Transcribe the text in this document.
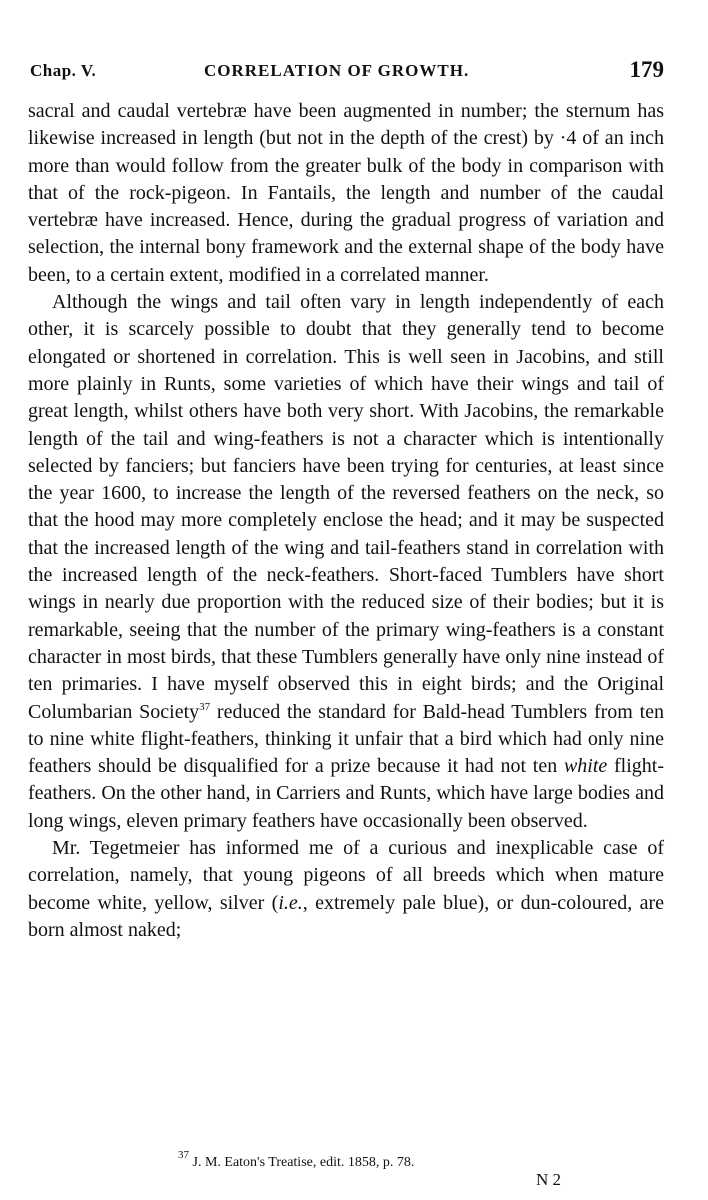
Chap. V.	CORRELATION OF GROWTH.	179

sacral and caudal vertebræ have been augmented in number; the sternum has likewise increased in length (but not in the depth of the crest) by ·4 of an inch more than would follow from the greater bulk of the body in comparison with that of the rock-pigeon. In Fantails, the length and number of the caudal vertebræ have increased. Hence, during the gradual progress of variation and selection, the internal bony framework and the external shape of the body have been, to a certain extent, modified in a correlated manner.

Although the wings and tail often vary in length independently of each other, it is scarcely possible to doubt that they generally tend to become elongated or shortened in correlation. This is well seen in Jacobins, and still more plainly in Runts, some varieties of which have their wings and tail of great length, whilst others have both very short. With Jacobins, the remarkable length of the tail and wing-feathers is not a character which is intentionally selected by fanciers; but fanciers have been trying for centuries, at least since the year 1600, to increase the length of the reversed feathers on the neck, so that the hood may more completely enclose the head; and it may be suspected that the increased length of the wing and tail-feathers stand in correlation with the increased length of the neck-feathers. Short-faced Tumblers have short wings in nearly due proportion with the reduced size of their bodies; but it is remarkable, seeing that the number of the primary wing-feathers is a constant character in most birds, that these Tumblers generally have only nine instead of ten primaries. I have myself observed this in eight birds; and the Original Columbarian Society$^{37}$ reduced the standard for Bald-head Tumblers from ten to nine white flight-feathers, thinking it unfair that a bird which had only nine feathers should be disqualified for a prize because it had not ten white flight-feathers. On the other hand, in Carriers and Runts, which have large bodies and long wings, eleven primary feathers have occasionally been observed.

Mr. Tegetmeier has informed me of a curious and inexplicable case of correlation, namely, that young pigeons of all breeds which when mature become white, yellow, silver (i.e., extremely pale blue), or dun-coloured, are born almost naked;

$^{37}$ J. M. Eaton's Treatise, edit. 1858, p. 78.
N 2
